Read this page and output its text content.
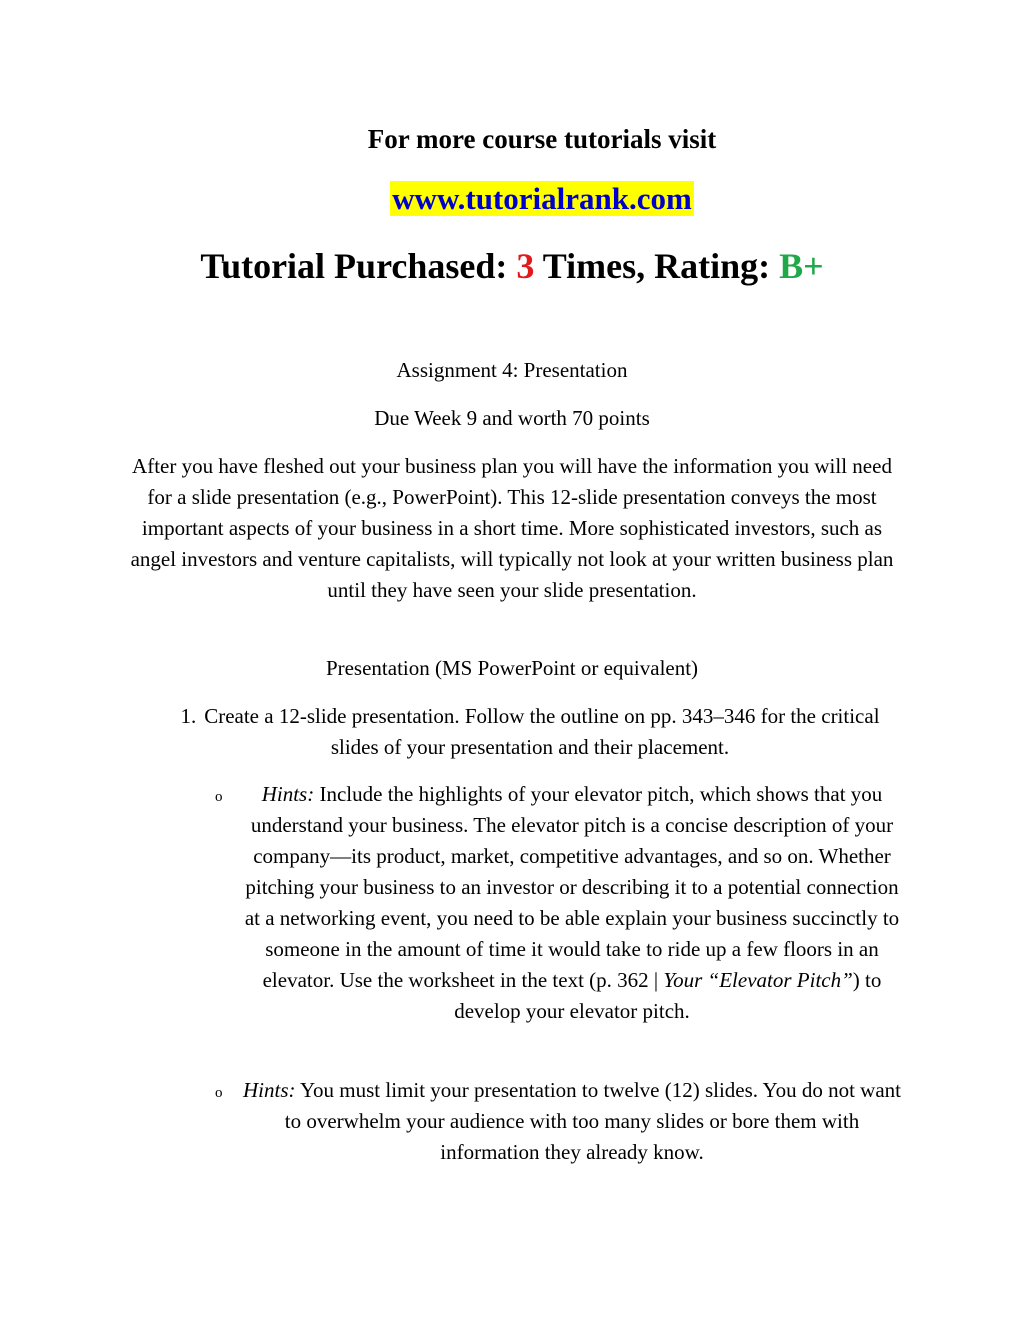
For more course tutorials visit
www.tutorialrank.com
Tutorial Purchased: 3 Times, Rating: B+
Assignment 4: Presentation
Due Week 9 and worth 70 points
After you have fleshed out your business plan you will have the information you will need for a slide presentation (e.g., PowerPoint). This 12-slide presentation conveys the most important aspects of your business in a short time. More sophisticated investors, such as angel investors and venture capitalists, will typically not look at your written business plan until they have seen your slide presentation.
Presentation (MS PowerPoint or equivalent)
1. Create a 12-slide presentation. Follow the outline on pp. 343–346 for the critical slides of your presentation and their placement.
o	Hints: Include the highlights of your elevator pitch, which shows that you understand your business. The elevator pitch is a concise description of your company—its product, market, competitive advantages, and so on. Whether pitching your business to an investor or describing it to a potential connection at a networking event, you need to be able explain your business succinctly to someone in the amount of time it would take to ride up a few floors in an elevator. Use the worksheet in the text (p. 362 | Your “Elevator Pitch”) to develop your elevator pitch.
o Hints: You must limit your presentation to twelve (12) slides. You do not want to overwhelm your audience with too many slides or bore them with information they already know.
